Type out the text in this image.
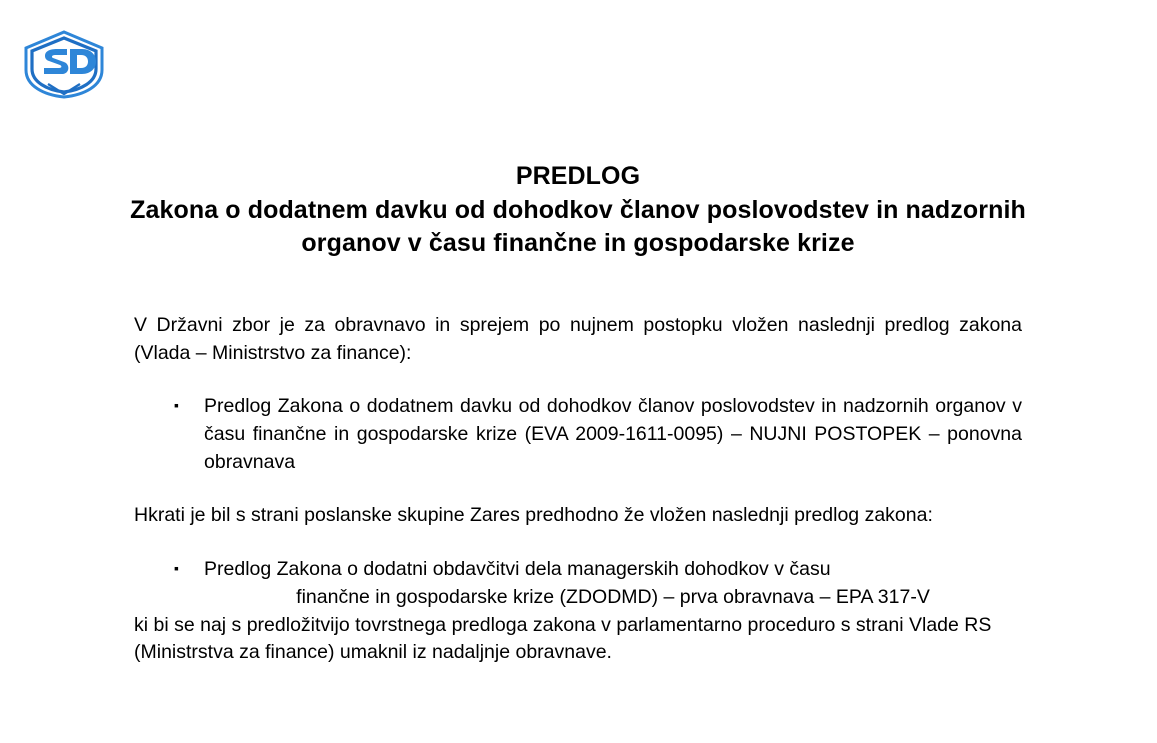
PREDLOG
Zakona o dodatnem davku od dohodkov članov poslovodstev in nadzornih organov v času finančne in gospodarske krize

V Državni zbor je za obravnavo in sprejem po nujnem postopku vložen naslednji predlog zakona (Vlada – Ministrstvo za finance):

▪ Predlog Zakona o dodatnem davku od dohodkov članov poslovodstev in nadzornih organov v času finančne in gospodarske krize (EVA 2009-1611-0095) – NUJNI POSTOPEK – ponovna obravnava

Hkrati je bil s strani poslanske skupine Zares predhodno že vložen naslednji predlog zakona:

▪ Predlog Zakona o dodatni obdavčitvi dela managerskih dohodkov v času
finančne in gospodarske krize (ZDODMD) – prva obravnava – EPA 317-V

ki bi se naj s predložitvijo tovrstnega predloga zakona v parlamentarno proceduro s strani Vlade RS (Ministrstva za finance) umaknil iz nadaljnje obravnave.
